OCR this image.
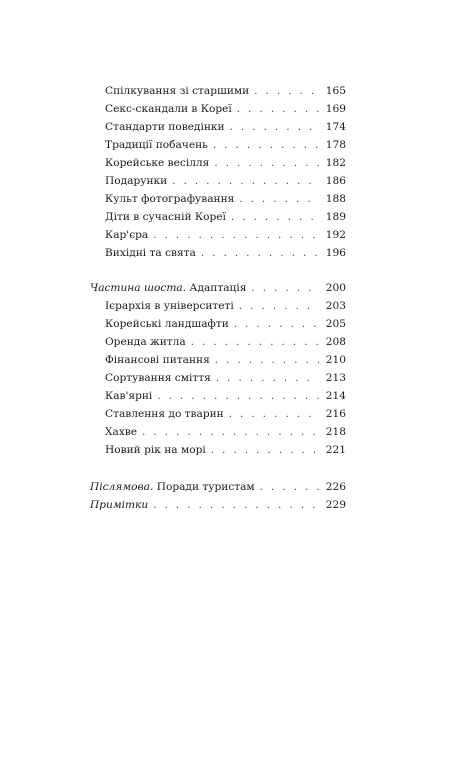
Спілкування зі старшими . . .	165
Секс-скандали в Кореї . . .	169
Стандарти поведінки . . .	174
Традиції побачень . . .	178
Корейське весілля . . .	182
Подарунки . . .	186
Культ фотографування . . .	188
Діти в сучасній Кореї . . .	189
Кар'єра . . .	192
Вихідні та свята . . .	196
Частина шоста. Адаптація . . .	200
Ієрархія в університеті . . .	203
Корейські ландшафти . . .	205
Оренда житла . . .	208
Фінансові питання . . .	210
Сортування сміття . . .	213
Кав'ярні . . .	214
Ставлення до тварин . . .	216
Хахве . . .	218
Новий рік на морі . . .	221
Післямова. Поради туристам . . .	226
Примітки . . .	229
